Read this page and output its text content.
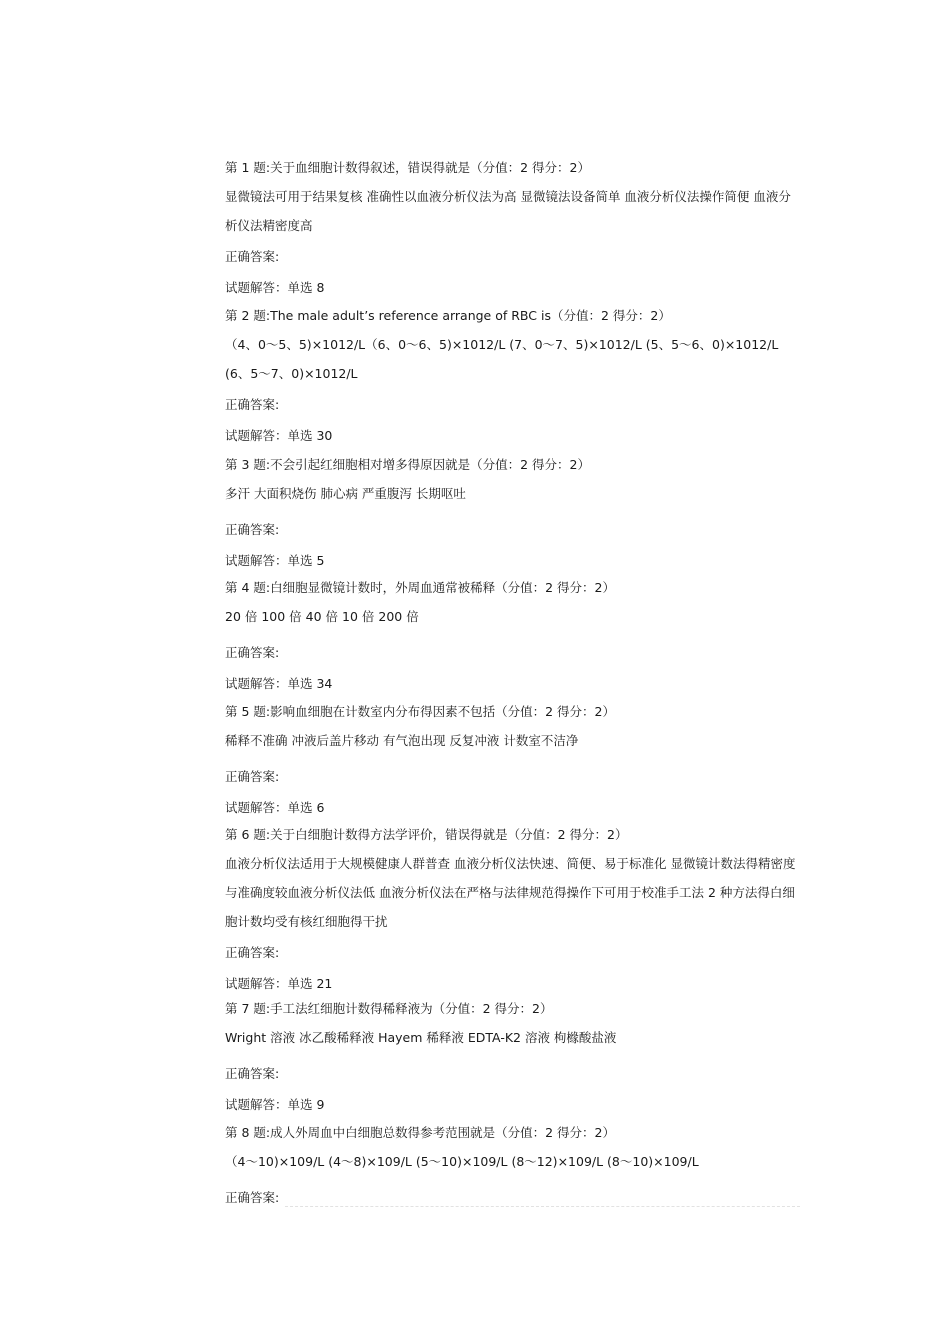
第 1 题:关于血细胞计数得叙述，错误得就是（分值：2 得分：2）

显微镜法可用于结果复核 准确性以血液分析仪法为高 显微镜法设备简单 血液分析仪法操作简便 血液分析仪法精密度高

正确答案:

试题解答：单选 8

第 2 题:The male adult’s reference arrange of RBC is（分值：2 得分：2）

（4、0～5、5)×1012/L（6、0～6、5)×1012/L (7、0～7、5)×1012/L (5、5～6、0)×1012/L (6、5～7、0)×1012/L

正确答案:

试题解答：单选 30

第 3 题:不会引起红细胞相对增多得原因就是（分值：2 得分：2）

多汗 大面积烧伤 肺心病 严重腹泻 长期呕吐

正确答案:

试题解答：单选 5

第 4 题:白细胞显微镜计数时，外周血通常被稀释（分值：2 得分：2）

20 倍 100 倍 40 倍 10 倍 200 倍

正确答案:

试题解答：单选 34

第 5 题:影响血细胞在计数室内分布得因素不包括（分值：2 得分：2）

稀释不准确 冲液后盖片移动 有气泡出现 反复冲液 计数室不洁净

正确答案:

试题解答：单选 6

第 6 题:关于白细胞计数得方法学评价，错误得就是（分值：2 得分：2）

血液分析仪法适用于大规模健康人群普查 血液分析仪法快速、简便、易于标准化 显微镜计数法得精密度与准确度较血液分析仪法低 血液分析仪法在严格与法律规范得操作下可用于校准手工法 2 种方法得白细胞计数均受有核红细胞得干扰

正确答案:

试题解答：单选 21

第 7 题:手工法红细胞计数得稀释液为（分值：2 得分：2）

Wright 溶液 冰乙酸稀释液 Hayem 稀释液 EDTA-K2 溶液 枸橼酸盐液

正确答案:

试题解答：单选 9

第 8 题:成人外周血中白细胞总数得参考范围就是（分值：2 得分：2）

（4～10)×109/L (4～8)×109/L (5～10)×109/L (8～12)×109/L (8～10)×109/L

正确答案:
